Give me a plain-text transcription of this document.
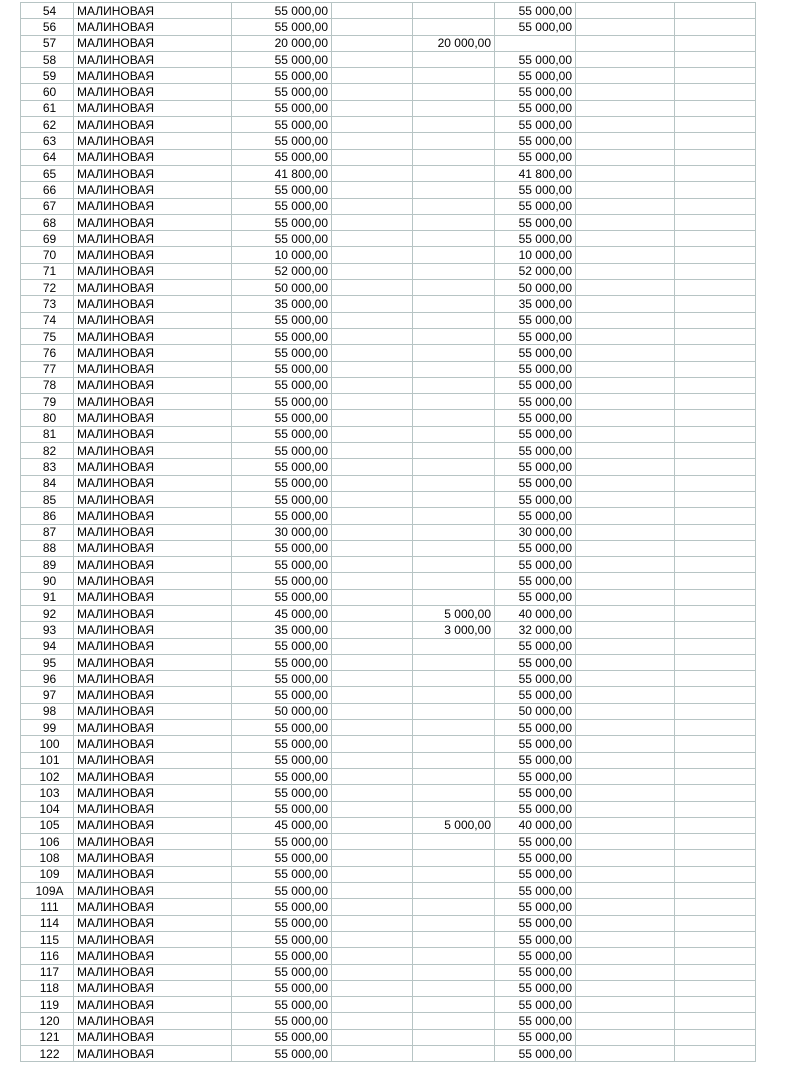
54	МАЛИНОВАЯ	55 000,00			55 000,00		
56	МАЛИНОВАЯ	55 000,00			55 000,00		
57	МАЛИНОВАЯ	20 000,00		20 000,00			
58	МАЛИНОВАЯ	55 000,00			55 000,00		
59	МАЛИНОВАЯ	55 000,00			55 000,00		
60	МАЛИНОВАЯ	55 000,00			55 000,00		
61	МАЛИНОВАЯ	55 000,00			55 000,00		
62	МАЛИНОВАЯ	55 000,00			55 000,00		
63	МАЛИНОВАЯ	55 000,00			55 000,00		
64	МАЛИНОВАЯ	55 000,00			55 000,00		
65	МАЛИНОВАЯ	41 800,00			41 800,00		
66	МАЛИНОВАЯ	55 000,00			55 000,00		
67	МАЛИНОВАЯ	55 000,00			55 000,00		
68	МАЛИНОВАЯ	55 000,00			55 000,00		
69	МАЛИНОВАЯ	55 000,00			55 000,00		
70	МАЛИНОВАЯ	10 000,00			10 000,00		
71	МАЛИНОВАЯ	52 000,00			52 000,00		
72	МАЛИНОВАЯ	50 000,00			50 000,00		
73	МАЛИНОВАЯ	35 000,00			35 000,00		
74	МАЛИНОВАЯ	55 000,00			55 000,00		
75	МАЛИНОВАЯ	55 000,00			55 000,00		
76	МАЛИНОВАЯ	55 000,00			55 000,00		
77	МАЛИНОВАЯ	55 000,00			55 000,00		
78	МАЛИНОВАЯ	55 000,00			55 000,00		
79	МАЛИНОВАЯ	55 000,00			55 000,00		
80	МАЛИНОВАЯ	55 000,00			55 000,00		
81	МАЛИНОВАЯ	55 000,00			55 000,00		
82	МАЛИНОВАЯ	55 000,00			55 000,00		
83	МАЛИНОВАЯ	55 000,00			55 000,00		
84	МАЛИНОВАЯ	55 000,00			55 000,00		
85	МАЛИНОВАЯ	55 000,00			55 000,00		
86	МАЛИНОВАЯ	55 000,00			55 000,00		
87	МАЛИНОВАЯ	30 000,00			30 000,00		
88	МАЛИНОВАЯ	55 000,00			55 000,00		
89	МАЛИНОВАЯ	55 000,00			55 000,00		
90	МАЛИНОВАЯ	55 000,00			55 000,00		
91	МАЛИНОВАЯ	55 000,00			55 000,00		
92	МАЛИНОВАЯ	45 000,00		5 000,00	40 000,00		
93	МАЛИНОВАЯ	35 000,00		3 000,00	32 000,00		
94	МАЛИНОВАЯ	55 000,00			55 000,00		
95	МАЛИНОВАЯ	55 000,00			55 000,00		
96	МАЛИНОВАЯ	55 000,00			55 000,00		
97	МАЛИНОВАЯ	55 000,00			55 000,00		
98	МАЛИНОВАЯ	50 000,00			50 000,00		
99	МАЛИНОВАЯ	55 000,00			55 000,00		
100	МАЛИНОВАЯ	55 000,00			55 000,00		
101	МАЛИНОВАЯ	55 000,00			55 000,00		
102	МАЛИНОВАЯ	55 000,00			55 000,00		
103	МАЛИНОВАЯ	55 000,00			55 000,00		
104	МАЛИНОВАЯ	55 000,00			55 000,00		
105	МАЛИНОВАЯ	45 000,00		5 000,00	40 000,00		
106	МАЛИНОВАЯ	55 000,00			55 000,00		
108	МАЛИНОВАЯ	55 000,00			55 000,00		
109	МАЛИНОВАЯ	55 000,00			55 000,00		
109А	МАЛИНОВАЯ	55 000,00			55 000,00		
111	МАЛИНОВАЯ	55 000,00			55 000,00		
114	МАЛИНОВАЯ	55 000,00			55 000,00		
115	МАЛИНОВАЯ	55 000,00			55 000,00		
116	МАЛИНОВАЯ	55 000,00			55 000,00		
117	МАЛИНОВАЯ	55 000,00			55 000,00		
118	МАЛИНОВАЯ	55 000,00			55 000,00		
119	МАЛИНОВАЯ	55 000,00			55 000,00		
120	МАЛИНОВАЯ	55 000,00			55 000,00		
121	МАЛИНОВАЯ	55 000,00			55 000,00		
122	МАЛИНОВАЯ	55 000,00			55 000,00		
